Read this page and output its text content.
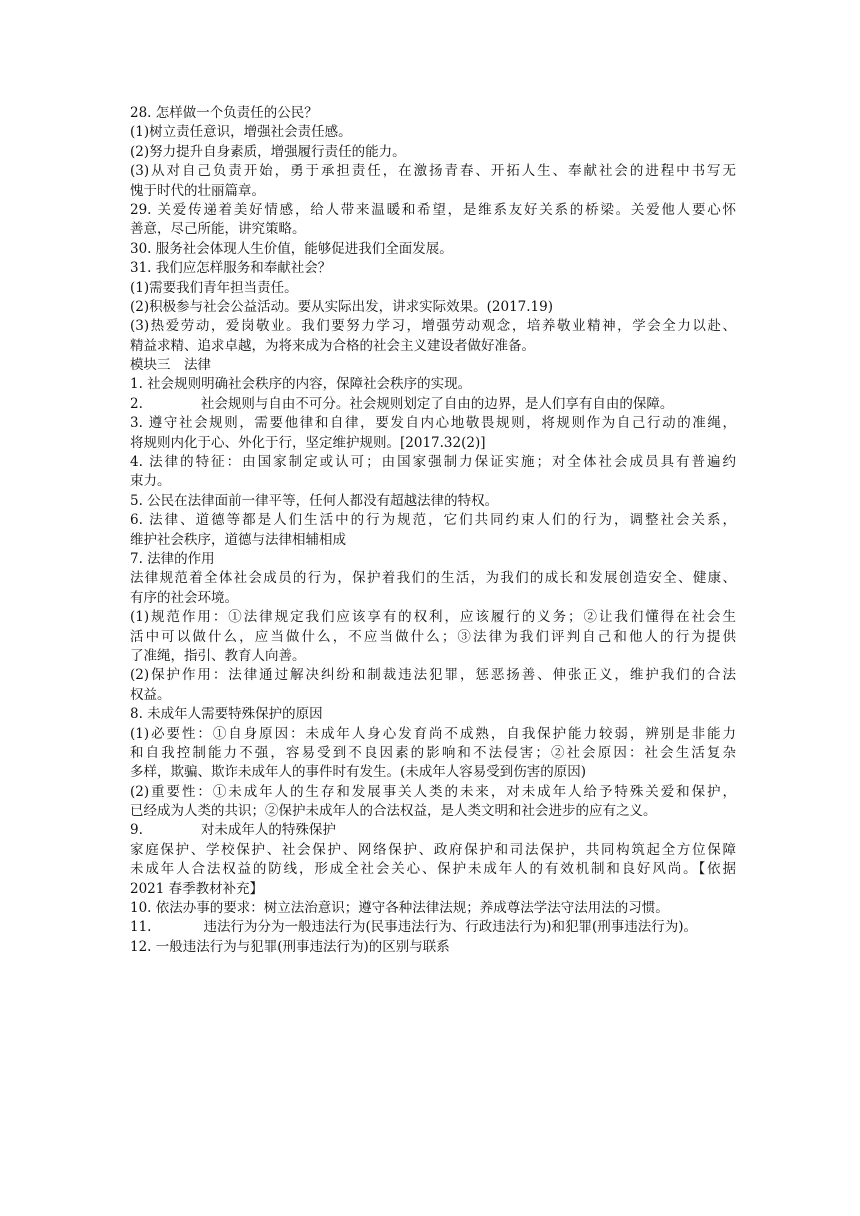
28. 怎样做一个负责任的公民？
(1)树立责任意识，增强社会责任感。
(2)努力提升自身素质，增强履行责任的能力。
(3)从对自己负责开始，勇于承担责任，在激扬青春、开拓人生、奉献社会的进程中书写无
愧于时代的壮丽篇章。
29. 关爱传递着美好情感，给人带来温暖和希望，是维系友好关系的桥梁。关爱他人要心怀
善意，尽己所能，讲究策略。
30. 服务社会体现人生价值，能够促进我们全面发展。
31. 我们应怎样服务和奉献社会？
(1)需要我们青年担当责任。
(2)积极参与社会公益活动。要从实际出发，讲求实际效果。(2017.19)
(3)热爱劳动，爱岗敬业。我们要努力学习，增强劳动观念，培养敬业精神，学会全力以赴、
精益求精、追求卓越，为将来成为合格的社会主义建设者做好准备。
模块三　法律
1. 社会规则明确社会秩序的内容，保障社会秩序的实现。
2.	社会规则与自由不可分。社会规则划定了自由的边界，是人们享有自由的保障。
3. 遵守社会规则，需要他律和自律，要发自内心地敬畏规则，将规则作为自己行动的准绳，
将规则内化于心、外化于行，坚定维护规则。[2017.32(2)]
4. 法律的特征：由国家制定或认可；由国家强制力保证实施；对全体社会成员具有普遍约
束力。
5. 公民在法律面前一律平等，任何人都没有超越法律的特权。
6. 法律、道德等都是人们生活中的行为规范，它们共同约束人们的行为，调整社会关系，
维护社会秩序，道德与法律相辅相成
7. 法律的作用
法律规范着全体社会成员的行为，保护着我们的生活，为我们的成长和发展创造安全、健康、
有序的社会环境。
(1)规范作用：①法律规定我们应该享有的权利，应该履行的义务；②让我们懂得在社会生
活中可以做什么，应当做什么，不应当做什么；③法律为我们评判自己和他人的行为提供
了准绳，指引、教育人向善。
(2)保护作用：法律通过解决纠纷和制裁违法犯罪，惩恶扬善、伸张正义，维护我们的合法
权益。
8. 未成年人需要特殊保护的原因
(1)必要性：①自身原因：未成年人身心发育尚不成熟，自我保护能力较弱，辨别是非能力
和自我控制能力不强，容易受到不良因素的影响和不法侵害；②社会原因：社会生活复杂
多样，欺骗、欺诈未成年人的事件时有发生。(未成年人容易受到伤害的原因)
(2)重要性：①未成年人的生存和发展事关人类的未来，对未成年人给予特殊关爱和保护，
已经成为人类的共识；②保护未成年人的合法权益，是人类文明和社会进步的应有之义。
9.	对未成年人的特殊保护
家庭保护、学校保护、社会保护、网络保护、政府保护和司法保护，共同构筑起全方位保障
未成年人合法权益的防线，形成全社会关心、保护未成年人的有效机制和良好风尚。【依据
2021 春季教材补充】
10. 依法办事的要求：树立法治意识；遵守各种法律法规；养成尊法学法守法用法的习惯。
11.	违法行为分为一般违法行为(民事违法行为、行政违法行为)和犯罪(刑事违法行为)。
12. 一般违法行为与犯罪(刑事违法行为)的区别与联系
